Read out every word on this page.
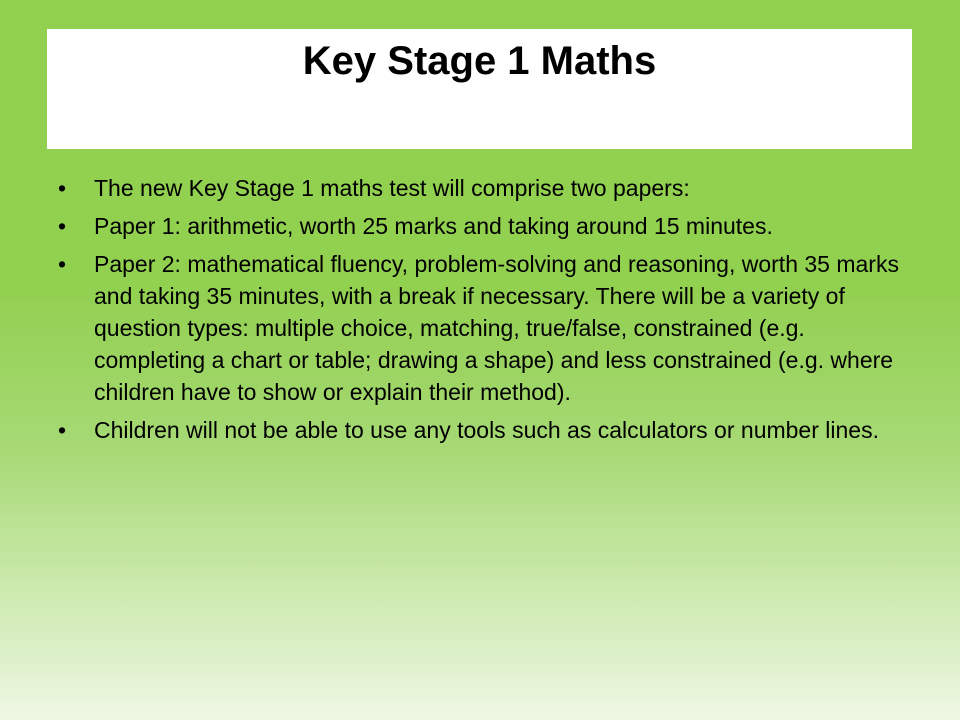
Key Stage 1 Maths
•	The new Key Stage 1 maths test will comprise two papers:
•	Paper 1: arithmetic, worth 25 marks and taking around 15 minutes.
•	Paper 2: mathematical fluency, problem-solving and reasoning, worth 35 marks and taking 35 minutes, with a break if necessary. There will be a variety of question types: multiple choice, matching, true/false, constrained (e.g. completing a chart or table; drawing a shape) and less constrained (e.g. where children have to show or explain their method).
•	Children will not be able to use any tools such as calculators or number lines.
